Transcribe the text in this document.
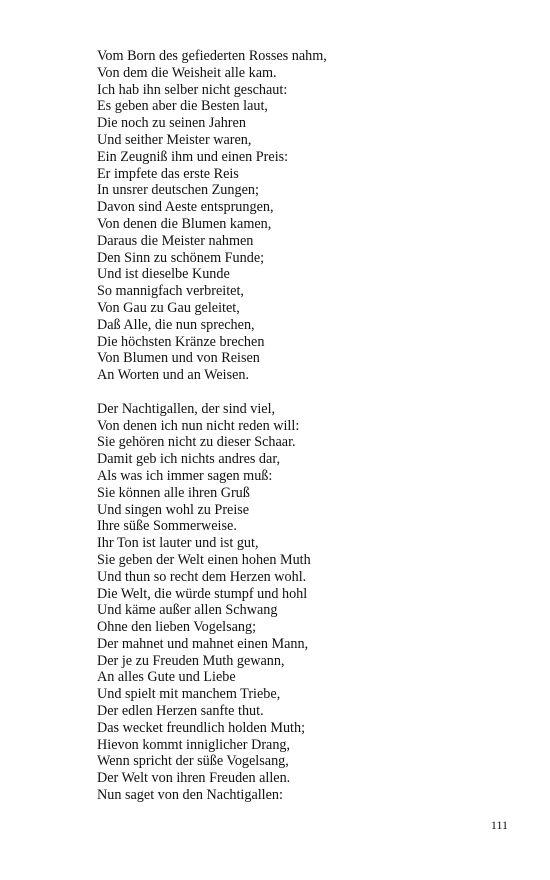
Vom Born des gefiederten Rosses nahm,
Von dem die Weisheit alle kam.
Ich hab ihn selber nicht geschaut:
Es geben aber die Besten laut,
Die noch zu seinen Jahren
Und seither Meister waren,
Ein Zeugniß ihm und einen Preis:
Er impfete das erste Reis
In unsrer deutschen Zungen;
Davon sind Aeste entsprungen,
Von denen die Blumen kamen,
Daraus die Meister nahmen
Den Sinn zu schönem Funde;
Und ist dieselbe Kunde
So mannigfach verbreitet,
Von Gau zu Gau geleitet,
Daß Alle, die nun sprechen,
Die höchsten Kränze brechen
Von Blumen und von Reisen
An Worten und an Weisen.
Der Nachtigallen, der sind viel,
Von denen ich nun nicht reden will:
Sie gehören nicht zu dieser Schaar.
Damit geb ich nichts andres dar,
Als was ich immer sagen muß:
Sie können alle ihren Gruß
Und singen wohl zu Preise
Ihre süße Sommerweise.
Ihr Ton ist lauter und ist gut,
Sie geben der Welt einen hohen Muth
Und thun so recht dem Herzen wohl.
Die Welt, die würde stumpf und hohl
Und käme außer allen Schwang
Ohne den lieben Vogelsang;
Der mahnet und mahnet einen Mann,
Der je zu Freuden Muth gewann,
An alles Gute und Liebe
Und spielt mit manchem Triebe,
Der edlen Herzen sanfte thut.
Das wecket freundlich holden Muth;
Hievon kommt inniglicher Drang,
Wenn spricht der süße Vogelsang,
Der Welt von ihren Freuden allen.
Nun saget von den Nachtigallen:
111
